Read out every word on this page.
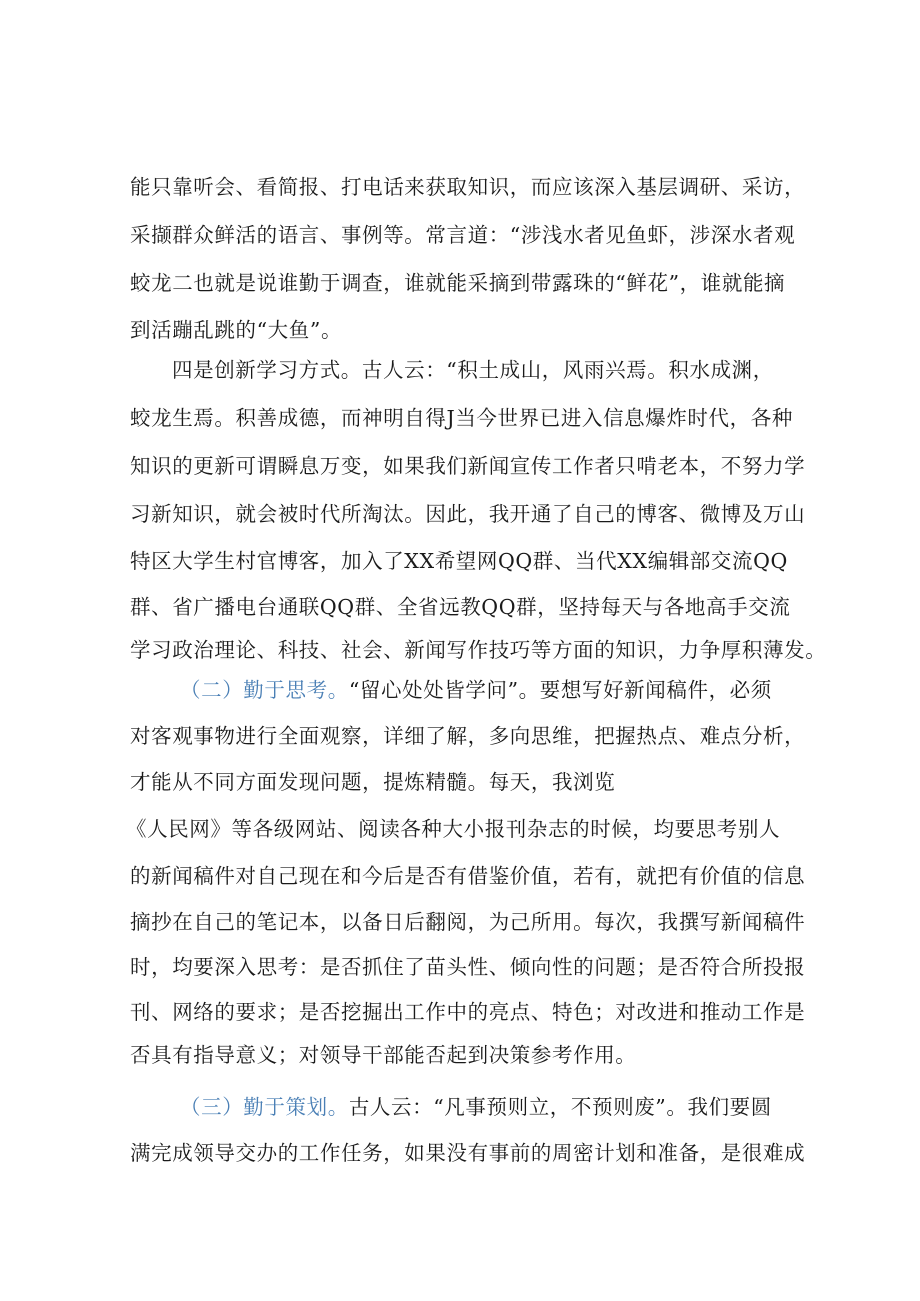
能只靠听会、看简报、打电话来获取知识，而应该深入基层调研、采访，
采撷群众鲜活的语言、事例等。常言道：“涉浅水者见鱼虾，涉深水者观
蛟龙二也就是说谁勤于调查，谁就能采摘到带露珠的“鲜花”，谁就能摘
到活蹦乱跳的“大鱼”。
四是创新学习方式。古人云：“积土成山，风雨兴焉。积水成渊，
蛟龙生焉。积善成德，而神明自得J当今世界已进入信息爆炸时代，各种
知识的更新可谓瞬息万变，如果我们新闻宣传工作者只啃老本，不努力学
习新知识，就会被时代所淘汰。因此，我开通了自己的博客、微博及万山
特区大学生村官博客，加入了XX希望网QQ群、当代XX编辑部交流QQ
群、省广播电台通联QQ群、全省远教QQ群，坚持每天与各地高手交流
学习政治理论、科技、社会、新闻写作技巧等方面的知识，力争厚积薄发。
（二）勤于思考。“留心处处皆学问”。要想写好新闻稿件，必须
对客观事物进行全面观察，详细了解，多向思维，把握热点、难点分析，
才能从不同方面发现问题，提炼精髓。每天，我浏览
《人民网》等各级网站、阅读各种大小报刊杂志的时候，均要思考别人
的新闻稿件对自己现在和今后是否有借鉴价值，若有，就把有价值的信息
摘抄在自己的笔记本，以备日后翻阅，为己所用。每次，我撰写新闻稿件
时，均要深入思考：是否抓住了苗头性、倾向性的问题；是否符合所投报
刊、网络的要求；是否挖掘出工作中的亮点、特色；对改进和推动工作是
否具有指导意义；对领导干部能否起到决策参考作用。
（三）勤于策划。古人云：“凡事预则立，不预则废”。我们要圆
满完成领导交办的工作任务，如果没有事前的周密计划和准备，是很难成
